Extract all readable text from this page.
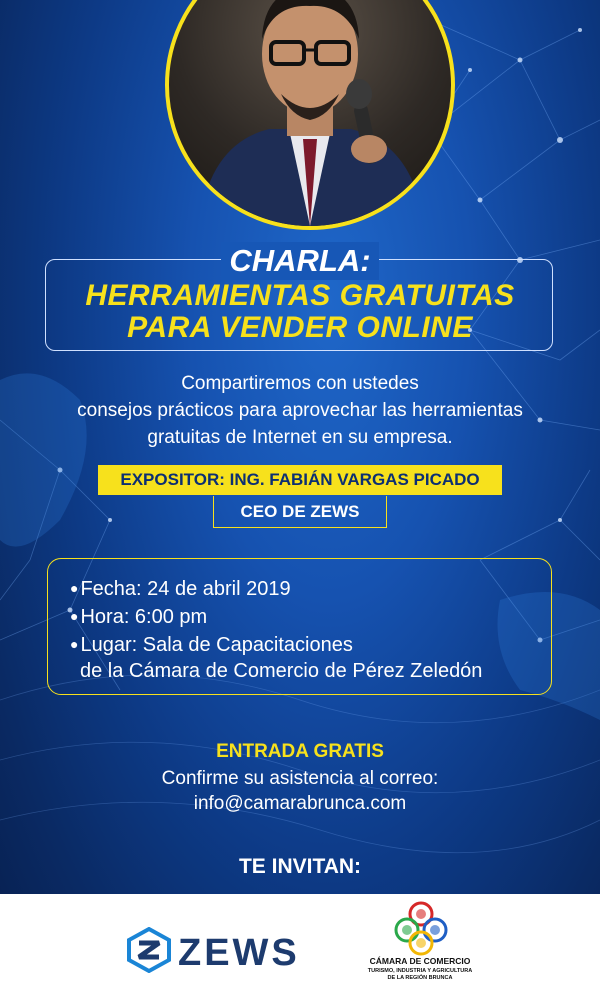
CHARLA:
HERRAMIENTAS GRATUITAS
PARA VENDER ONLINE
Compartiremos con ustedes
consejos prácticos para aprovechar las herramientas
gratuitas de Internet en su empresa.
EXPOSITOR: ING. FABIÁN VARGAS PICADO
CEO DE ZEWS
● Fecha: 24 de abril 2019
● Hora: 6:00 pm
● Lugar: Sala de Capacitaciones
de la Cámara de Comercio de Pérez Zeledón
ENTRADA GRATIS
Confirme su asistencia al correo:
info@camarabrunca.com
TE INVITAN:
ZEWS	CÁMARA DE COMERCIO
TURISMO, INDUSTRIA Y AGRICULTURA
DE LA REGIÓN BRUNCA
